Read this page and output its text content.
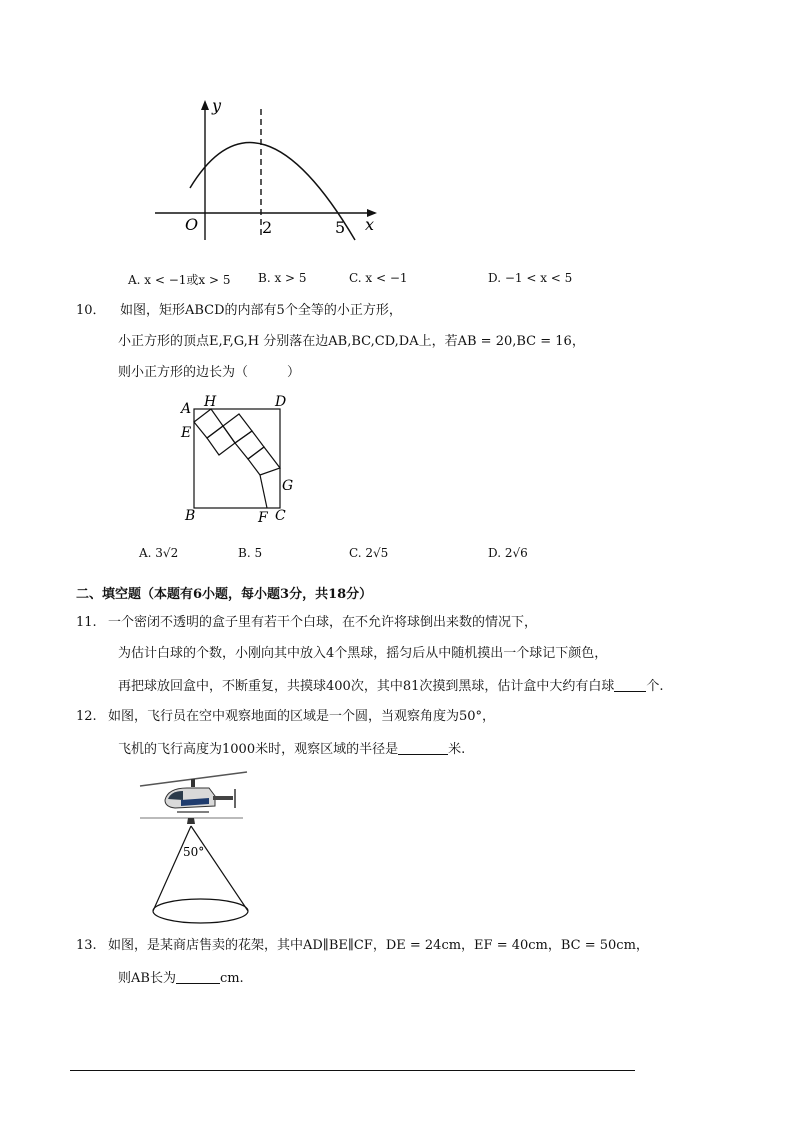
y
x
O	2	5
A. x < −1或x > 5 B. x > 5	C. x < −1	D. −1 < x < 5
10． 如图，矩形ABCD的内部有5个全等的小正方形，
小正方形的顶点E,F,G,H 分别落在边AB,BC,CD,DA上，若AB = 20,BC = 16，
则小正方形的边长为（　　　）
A H	D
E
G
B	F C
A. 3√2	B. 5	C. 2√5	D. 2√6
二、填空题（本题有6小题，每小题3分，共18分）
11. 一个密闭不透明的盒子里有若干个白球，在不允许将球倒出来数的情况下，
为估计白球的个数，小刚向其中放入4个黑球，摇匀后从中随机摸出一个球记下颜色，
再把球放回盒中，不断重复，共摸球400次，其中81次摸到黑球，估计盒中大约有白球 个.
12. 如图，飞行员在空中观察地面的区域是一个圆，当观察角度为50°，
飞机的飞行高度为1000米时，观察区域的半径是	米.
50°
13. 如图，是某商店售卖的花架，其中AD∥BE∥CF，DE = 24cm，EF = 40cm，BC = 50cm，
则AB长为	cm.
